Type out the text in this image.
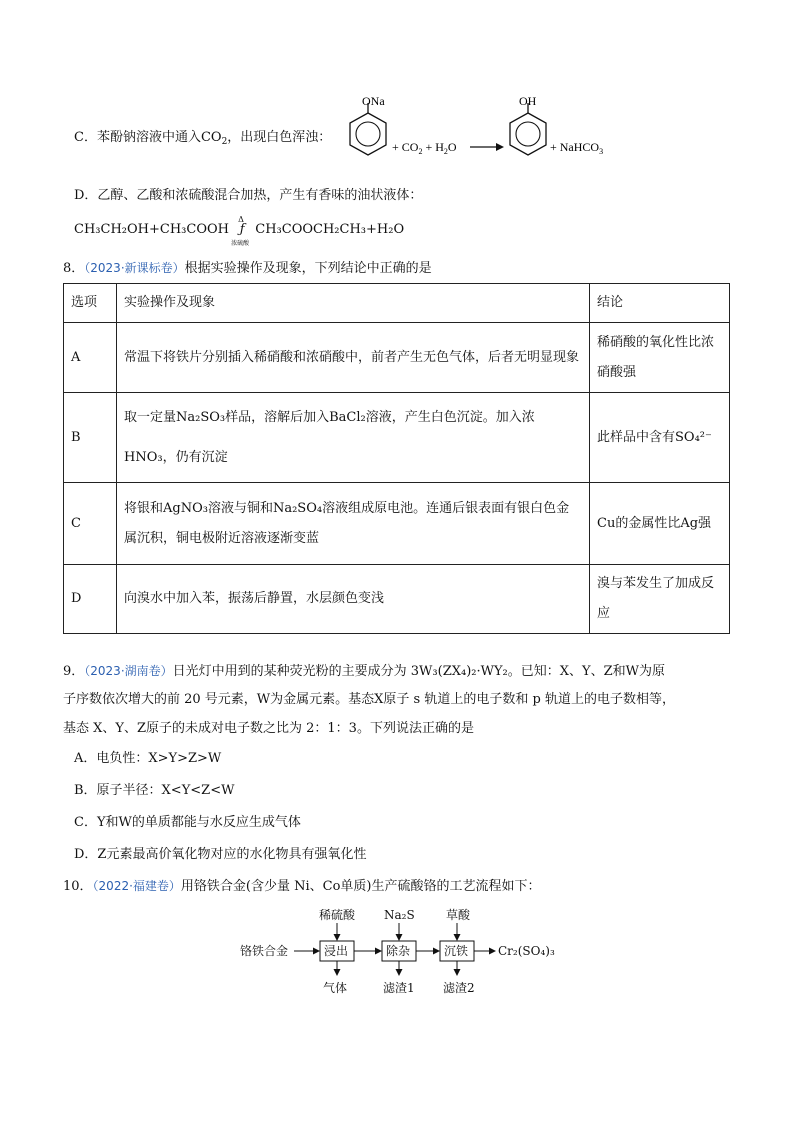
C．苯酚钠溶液中通入$CO_2$，出现白色浑浊：
ONa
+ $CO_2 + H_2O$
OH
+ NaHCO$_3$
D．乙醇、乙酸和浓硫酸混合加热，产生有香味的油状液体：
CH₃CH₂OH+CH₃COOH
Δ
ƒ
浓硫酸
CH₃COOCH₂CH₃+H₂O
8．（2023·新课标卷）根据实验操作及现象，下列结论中正确的是
选项	实验操作及现象	结论
A	常温下将铁片分别插入稀硝酸和浓硝酸中，前者产生无色气体，后者无明显现象	稀硝酸的氧化性比浓硝酸强
B	取一定量Na₂SO₃样品，溶解后加入BaCl₂溶液，产生白色沉淀。加入浓HNO₃，仍有沉淀	此样品中含有SO₄²⁻
C	将银和AgNO₃溶液与铜和Na₂SO₄溶液组成原电池。连通后银表面有银白色金属沉积，铜电极附近溶液逐渐变蓝	Cu的金属性比Ag强
D	向溴水中加入苯，振荡后静置，水层颜色变浅	溴与苯发生了加成反应
9．（2023·湖南卷）日光灯中用到的某种荧光粉的主要成分为 3W₃(ZX₄)₂·WY₂。已知：X、Y、Z和W为原
子序数依次增大的前 20 号元素，W为金属元素。基态X原子 s 轨道上的电子数和 p 轨道上的电子数相等，
基态 X、Y、Z原子的未成对电子数之比为 2：1：3。下列说法正确的是
A．电负性：X>Y>Z>W
B．原子半径：X<Y<Z<W
C．Y和W的单质都能与水反应生成气体
D．Z元素最高价氧化物对应的水化物具有强氧化性
10．（2022·福建卷）用铬铁合金(含少量 Ni、Co单质)生产硫酸铬的工艺流程如下：
铬铁合金	浸出
稀硫酸
除杂
Na₂S
沉铁
草酸
Cr₂(SO₄)₃
气体	滤渣1 滤渣2
